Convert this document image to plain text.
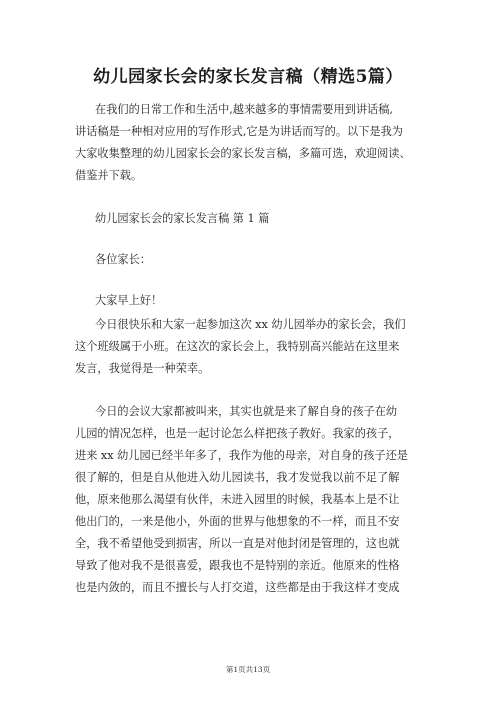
幼儿园家长会的家长发言稿（精选5篇）
在我们的日常工作和生活中,越来越多的事情需要用到讲话稿,
讲话稿是一种相对应用的写作形式,它是为讲话而写的。以下是我为
大家收集整理的幼儿园家长会的家长发言稿，多篇可选，欢迎阅读、
借鉴并下载。
幼儿园家长会的家长发言稿 第 1 篇
各位家长：
大家早上好！
今日很快乐和大家一起参加这次 xx 幼儿园举办的家长会，我们
这个班级属于小班。在这次的家长会上，我特别高兴能站在这里来
发言，我觉得是一种荣幸。
今日的会议大家都被叫来，其实也就是来了解自身的孩子在幼
儿园的情况怎样，也是一起讨论怎么样把孩子教好。我家的孩子，
进来 xx 幼儿园已经半年多了，我作为他的母亲，对自身的孩子还是
很了解的，但是自从他进入幼儿园读书，我才发觉我以前不足了解
他，原来他那么渴望有伙伴，未进入园里的时候，我基本上是不让
他出门的，一来是他小，外面的世界与他想象的不一样，而且不安
全，我不希望他受到损害，所以一直是对他封闭是管理的，这也就
导致了他对我不是很喜爱，跟我也不是特别的亲近。他原来的性格
也是内敛的，而且不擅长与人打交道，这些都是由于我这样才变成
第1页共13页
